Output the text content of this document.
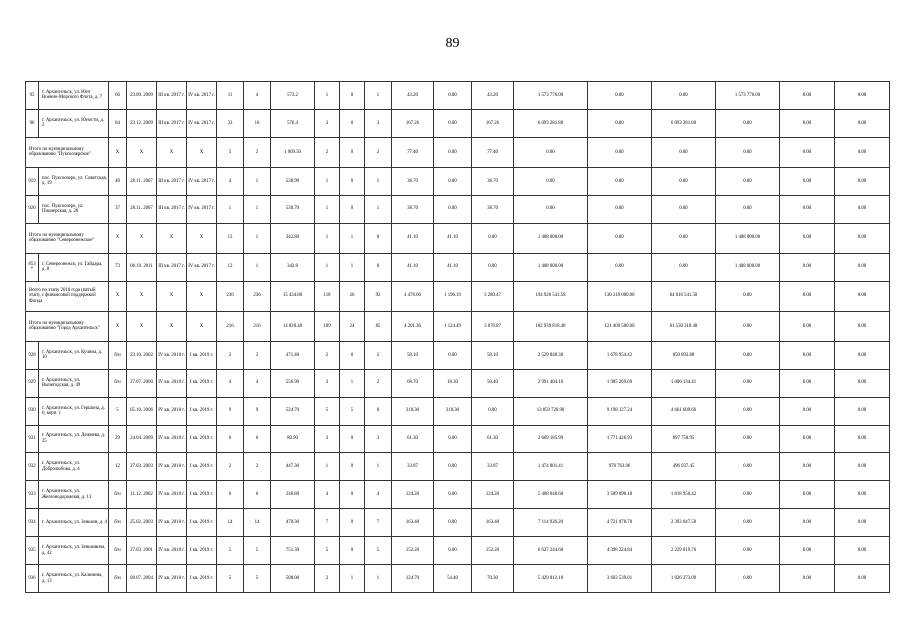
89
95	г. Архангельск, ул. Юнг Военно-Морского Флота, д. 7	66	23.09. 2009	III кв. 2017 г.	IV кв. 2017 г.	11	4	573.2	1	0	1	43.20	0.00	43.20	1 573 776.00	0.00	0.00	1 573 776.00	0.00	0.00
96	г. Архангельск, ул. Юности, д. 2	84	23.12. 2009	III кв. 2017 г.	IV кв. 2017 г.	33	10	576.4	3	0	3	167.26	0.00	167.26	6 093 281.80	0.00	6 093 281.80	0.00	0.00	0.00
Итого по муниципальному образованию "Пуксоозерское"		X	X	X	X	5	2	1 069.50	2	0	2	77.40	0.00	77.40	0.00	0.00	0.00	0.00	0.00	0.00
919	пос. Пуксоозеро, ул. Советская, д. 19	40	28.11. 2007	III кв. 2017 г.	IV кв. 2017 г.	4	1	538.90	1	0	1	38.70	0.00	38.70	0.00	0.00	0.00	0.00	0.00	0.00
920	пос. Пуксоозеро, ул. Пионерская, д. 20	37	28.11. 2007	III кв. 2017 г.	IV кв. 2017 г.	1	1	530.70	1	0	1	38.70	0.00	38.70	0.00	0.00	0.00	0.00	0.00	0.00
Итого по муниципальному образованию "Североонежское"		X	X	X	X	13	1	342.80	1	1	0	41.10	41.10	0.00	1 408 000.00	0.00	0.00	1 408 000.00	0.00	0.00
853 *	г. Североонежск, ул. Гайдара, д. 8	73	06.10. 2011	III кв. 2017 г.	IV кв. 2017 г.	13	1	342.8	1	1	0	41.10	41.10	0.00	1 408 000.00	0.00	0.00	1 408 000.00	0.00	0.00
Всего по этапу 2018 года (пятый этап), с финансовой поддержкой Фонда		X	X	X	X	236	236	15 434.80	118	26	92	4 476.66	1 196.19	3 280.47	194 926 541.58	130 310 000.00	64 616 541.58	0.00	0.00	0.00
Итого по муниципальному образованию "Город Архангельск"		X	X	X	X	216	216	14 820.40	109	24	85	4 201.36	1 124.49	3 076.87	182 939 818.48	121 409 500.00	61 530 318.48	0.00	0.00	0.00
928	г. Архангельск, ул. Кучина, д. 10	б/н	23.10. 2002	IV кв. 2018 г.	I кв. 2019 г.	3	3	471.40	2	0	2	58.10	0.00	58.10	2 529 848.30	1 678 954.42	850 893.88	0.00	0.00	0.00
929	г. Архангельск, ул. Вычегодская, д. 49	б/н	27.07. 2000	IV кв. 2018 г.	I кв. 2019 г.	4	4	556.90	3	1	2	68.70	18.30	50.40	2 991 404.10	1 985 269.69	1 006 134.41	0.00	0.00	0.00
930	г. Архангельск, ул. Гершона, д. 6, корп. 1	5	05.10. 2006	IV кв. 2018 г.	I кв. 2019 г.	9	9	524.70	5	5	0	318.30	318.30	0.00	13 859 726.90	9 198 127.24	4 661 609.66	0.00	0.00	0.00
931	г. Архангельск, ул. Дежнева, д. 25	29	24.04. 2009	IV кв. 2018 г.	I кв. 2019 г.	6	6	80.90	3	0	3	61.30	0.00	61.30	2 669 185.99	1 771 426.93	897 758.95	0.00	0.00	0.00
932	г. Архангельск, ул. Добролюбова, д. 4	12	27.03. 2003	IV кв. 2018 г.	I кв. 2019 г.	2	2	447.30	1	0	1	33.87	0.00	33.87	1 474 801.41	978 763.96	496 037.45	0.00	0.00	0.00
933	г. Архангельск, ул. Железнодорожная, д. 13	б/н	11.12. 2002	IV кв. 2018 г.	I кв. 2019 г.	6	6	246.80	4	0	4	124.20	0.00	124.20	5 408 040.60	3 589 090.18	1 818 950.42	0.00	0.00	0.00
934	г. Архангельск, ул. Зеньков, д. 4	б/н	25.02. 2003	IV кв. 2018 г.	I кв. 2019 г.	14	14	478.30	7	0	7	163.40	0.00	163.40	7 114 926.20	4 721 878.70	2 393 047.50	0.00	0.00	0.00
935	г. Архангельск, ул. Зеньковича, д. 42	б/н	27.03. 2001	IV кв. 2018 г.	I кв. 2019 г.	5	5	751.30	5	0	5	152.20	0.00	152.20	6 627 244.60	4 398 224.84	2 229 019.76	0.00	0.00	0.00
936	г. Архангельск, ул. Калинина, д. 13	б/н	08.07. 2004	IV кв. 2018 г.	I кв. 2019 г.	5	5	508.00	2	1	1	124.70	54.40	70.30	5 429 812.10	3 603 539.01	1 826 273.09	0.00	0.00	0.00
